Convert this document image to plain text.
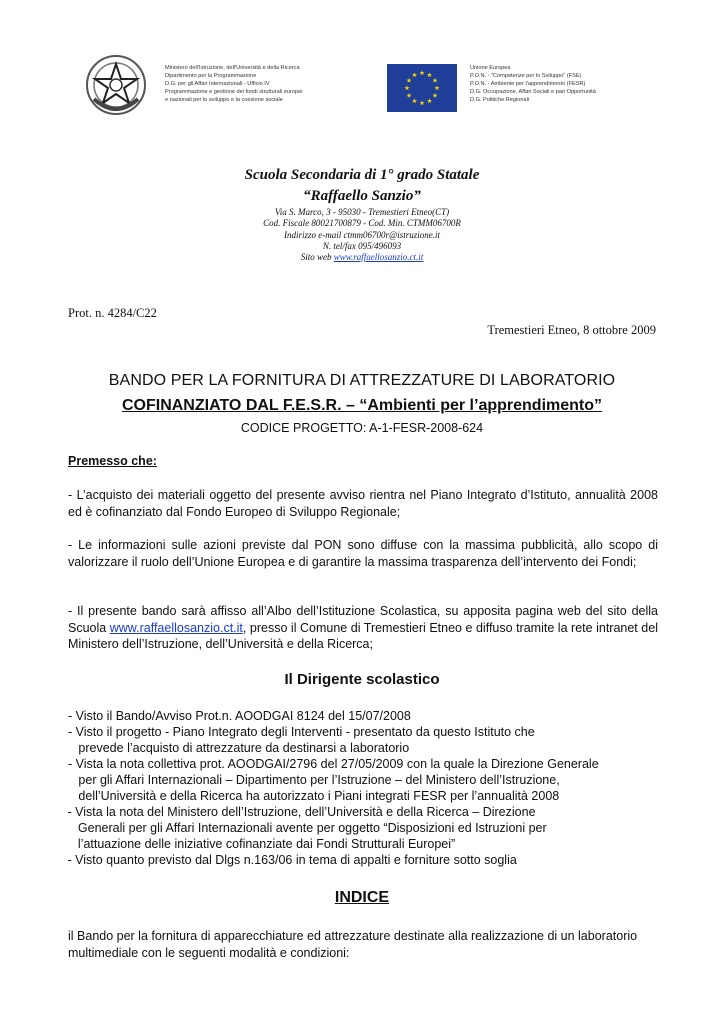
Ministero dell'Istruzione, dell'Università e della Ricerca
Dipartimento per la Programmazione
D.G. per gli Affari Internazionali - Ufficio IV
Programmazione e gestione dei fondi strutturali europei
e nazionali per lo sviluppo e la coesione sociale
Unione Europea
P.O.N. - "Competenze per lo Sviluppo" (FSE)
P.O.N. - Ambiente per l'apprendimento (FESR)
D.G. Occupazione, Affari Sociali e pari Opportunità
D.G. Politiche Regionali
Scuola Secondaria di 1° grado Statale
“Raffaello Sanzio”
Via S. Marco, 3 - 95030 - Tremestieri Etneo(CT)
Cod. Fiscale 80021700879 - Cod. Min. CTMM06700R
Indirizzo e-mail ctmm06700r@istruzione.it
N. tel/fax 095/496093
Sito web www.raffaellosanzio.ct.it
Prot. n. 4284/C22
Tremestieri Etneo, 8 ottobre 2009
BANDO PER LA FORNITURA DI ATTREZZATURE DI LABORATORIO
COFINANZIATO DAL F.E.S.R. – “Ambienti per l’apprendimento”
CODICE PROGETTO: A-1-FESR-2008-624
Premesso che:

- L’acquisto dei materiali oggetto del presente avviso rientra nel Piano Integrato d’Istituto, annualità 2008 ed è cofinanziato dal Fondo Europeo di Sviluppo Regionale;

- Le informazioni sulle azioni previste dal PON sono diffuse con la massima pubblicità, allo scopo di valorizzare il ruolo dell’Unione Europea e di garantire la massima trasparenza dell’intervento dei Fondi;

- Il presente bando sarà affisso all’Albo dell’Istituzione Scolastica, su apposita pagina web del sito della Scuola www.raffaellosanzio.ct.it, presso il Comune di Tremestieri Etneo e diffuso tramite la rete intranet del Ministero dell’Istruzione, dell’Università e della Ricerca;

Il Dirigente scolastico
- Visto il Bando/Avviso Prot.n. AOODGAI 8124 del 15/07/2008
- Visto il progetto - Piano Integrato degli Interventi - presentato da questo Istituto che
prevede l’acquisto di attrezzature da destinarsi a laboratorio
- Vista la nota collettiva prot. AOODGAI/2796 del 27/05/2009 con la quale la Direzione Generale
per gli Affari Internazionali – Dipartimento per l’Istruzione – del Ministero dell’Istruzione,
dell’Università e della Ricerca ha autorizzato i Piani integrati FESR per l’annualità 2008
- Vista la nota del Ministero dell’Istruzione, dell’Università e della Ricerca – Direzione
Generali per gli Affari Internazionali avente per oggetto “Disposizioni ed Istruzioni per
l’attuazione delle iniziative cofinanziate dai Fondi Strutturali Europei”
- Visto quanto previsto dal Dlgs n.163/06 in tema di appalti e forniture sotto soglia
INDICE
il Bando per la fornitura di apparecchiature ed attrezzature destinate alla realizzazione di un laboratorio multimediale con le seguenti modalità e condizioni:
